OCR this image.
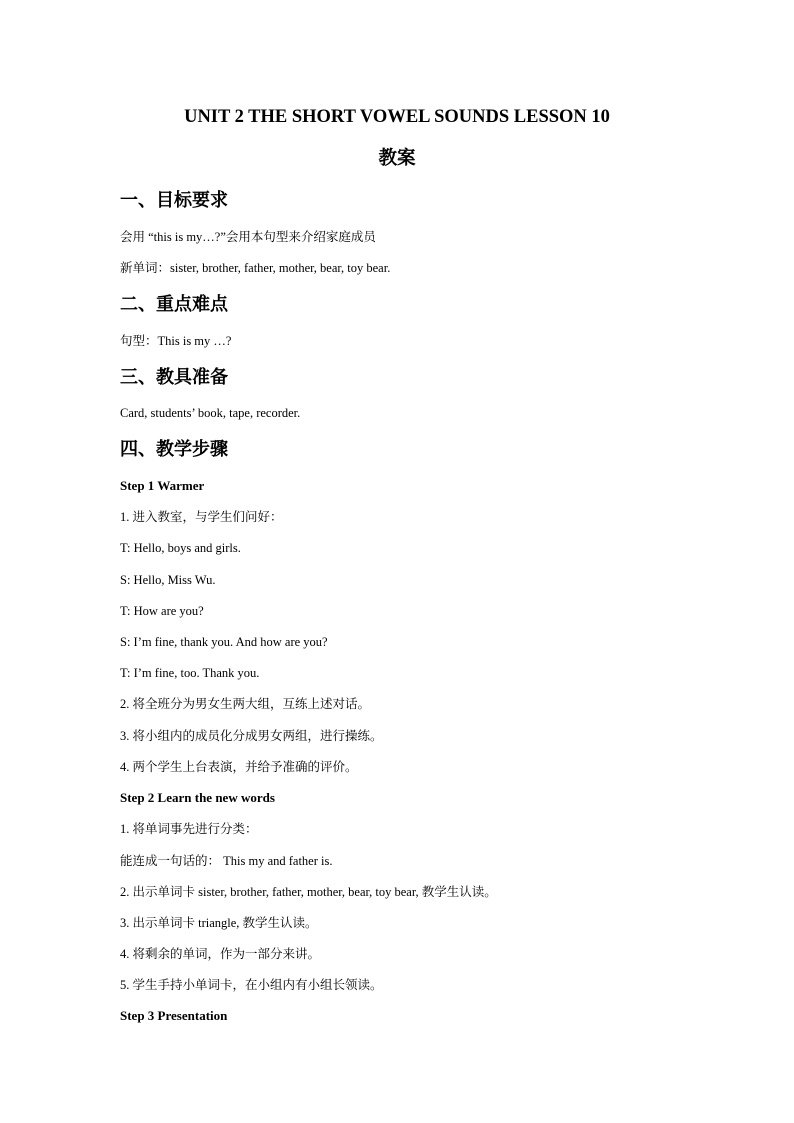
UNIT 2 THE SHORT VOWEL SOUNDS LESSON 10
教案
一、目标要求
会用 “this is my…?”会用本句型来介绍家庭成员
新单词：sister, brother, father, mother, bear, toy bear.
二、重点难点
句型：This is my …?
三、教具准备
Card, students’ book, tape, recorder.
四、教学步骤
Step 1 Warmer
1. 进入教室，与学生们问好：
T: Hello, boys and girls.
S: Hello, Miss Wu.
T: How are you?
S: I’m fine, thank you. And how are you?
T: I’m fine, too. Thank you.
2. 将全班分为男女生两大组，互练上述对话。
3. 将小组内的成员化分成男女两组，进行操练。
4. 两个学生上台表演，并给予准确的评价。
Step 2 Learn the new words
1. 将单词事先进行分类：
能连成一句话的： This my and father is.
2. 出示单词卡 sister, brother, father, mother, bear, toy bear, 教学生认读。
3. 出示单词卡 triangle, 教学生认读。
4. 将剩余的单词，作为一部分来讲。
5. 学生手持小单词卡，在小组内有小组长领读。
Step 3 Presentation
